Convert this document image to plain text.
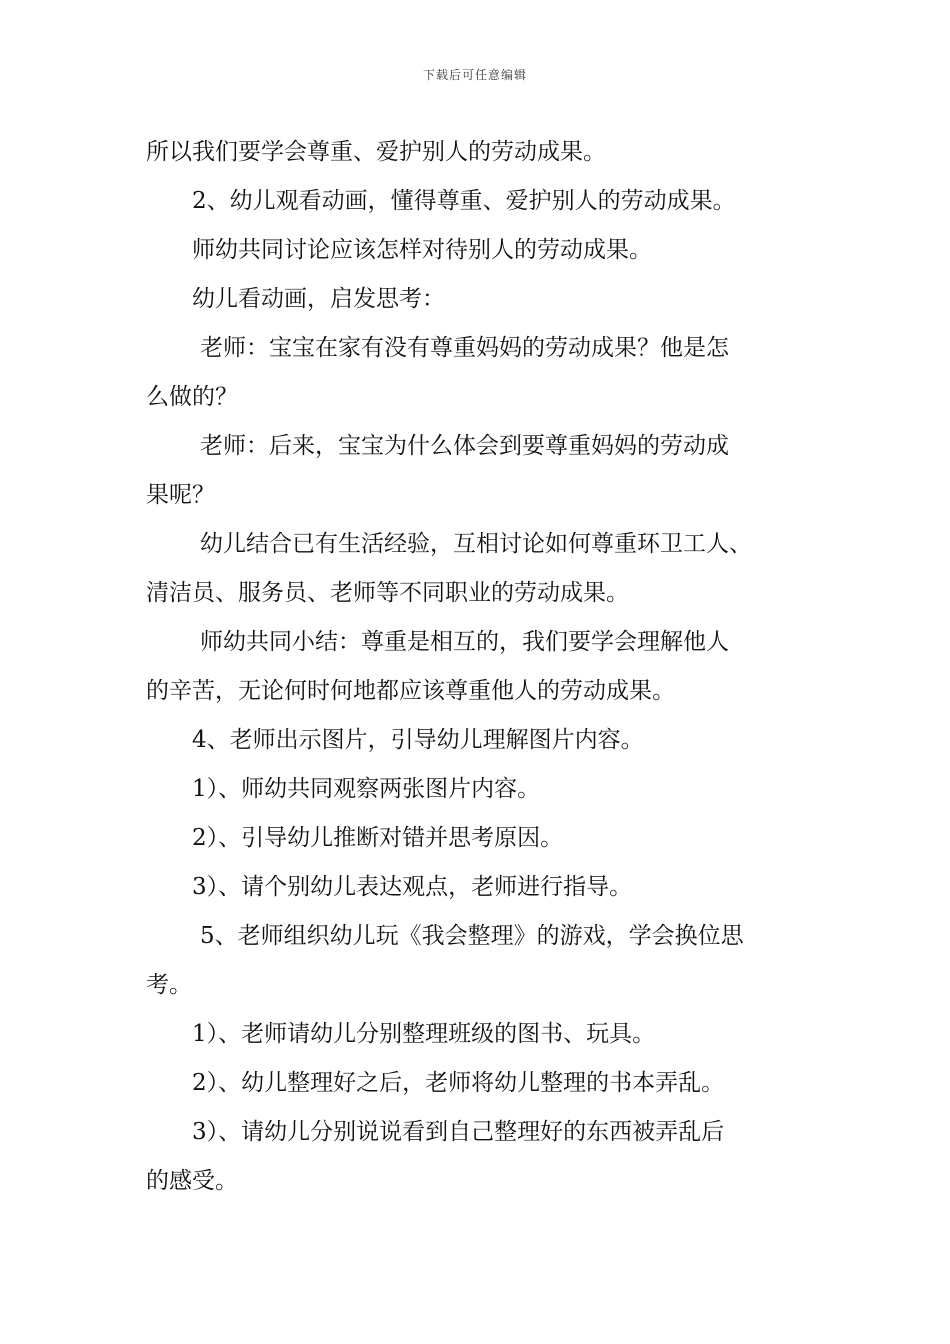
下载后可任意编辑

所以我们要学会尊重、爱护别人的劳动成果。

2、幼儿观看动画，懂得尊重、爱护别人的劳动成果。

师幼共同讨论应该怎样对待别人的劳动成果。

幼儿看动画，启发思考：

老师：宝宝在家有没有尊重妈妈的劳动成果？他是怎

么做的？

老师：后来，宝宝为什么体会到要尊重妈妈的劳动成

果呢？

幼儿结合已有生活经验，互相讨论如何尊重环卫工人、

清洁员、服务员、老师等不同职业的劳动成果。

师幼共同小结：尊重是相互的，我们要学会理解他人

的辛苦，无论何时何地都应该尊重他人的劳动成果。

4、老师出示图片，引导幼儿理解图片内容。

1）、师幼共同观察两张图片内容。

2）、引导幼儿推断对错并思考原因。

3）、请个别幼儿表达观点，老师进行指导。

5、老师组织幼儿玩《我会整理》的游戏，学会换位思

考。

1）、老师请幼儿分别整理班级的图书、玩具。

2）、幼儿整理好之后，老师将幼儿整理的书本弄乱。

3）、请幼儿分别说说看到自己整理好的东西被弄乱后

的感受。
